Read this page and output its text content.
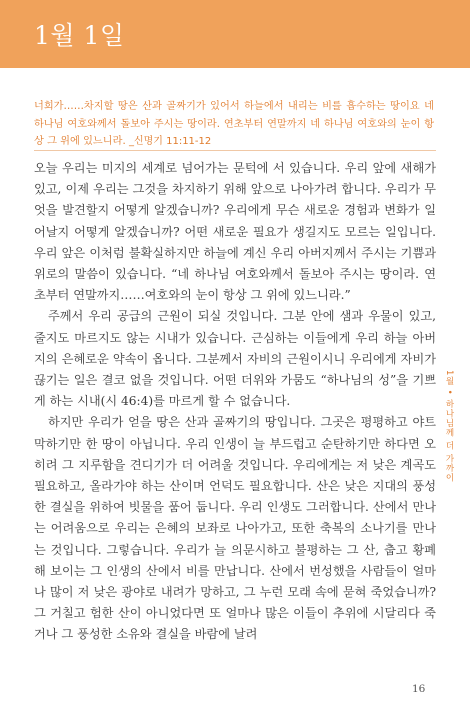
1월 1일
너희가……차지할 땅은 산과 골짜기가 있어서 하늘에서 내리는 비를 흡수하는 땅이요 네 하나님 여호와께서 돌보아 주시는 땅이라. 연초부터 연말까지 네 하나님 여호와의 눈이 항상 그 위에 있느니라. _신명기 11:11-12

오늘 우리는 미지의 세계로 넘어가는 문턱에 서 있습니다. 우리 앞에 새해가 있고, 이제 우리는 그것을 차지하기 위해 앞으로 나아가려 합니다. 우리가 무엇을 발견할지 어떻게 알겠습니까? 우리에게 무슨 새로운 경험과 변화가 일어날지 어떻게 알겠습니까? 어떤 새로운 필요가 생길지도 모르는 일입니다. 우리 앞은 이처럼 불확실하지만 하늘에 계신 우리 아버지께서 주시는 기쁨과 위로의 말씀이 있습니다. “네 하나님 여호와께서 돌보아 주시는 땅이라. 연초부터 연말까지……여호와의 눈이 항상 그 위에 있느니라.”

주께서 우리 공급의 근원이 되실 것입니다. 그분 안에 샘과 우물이 있고, 줄지도 마르지도 않는 시내가 있습니다. 근심하는 이들에게 우리 하늘 아버지의 은혜로운 약속이 옵니다. 그분께서 자비의 근원이시니 우리에게 자비가 끊기는 일은 결코 없을 것입니다. 어떤 더위와 가뭄도 “하나님의 성”을 기쁘게 하는 시내(시 46:4)를 마르게 할 수 없습니다.

하지만 우리가 얻을 땅은 산과 골짜기의 땅입니다. 그곳은 평평하고 야트막하기만 한 땅이 아닙니다. 우리 인생이 늘 부드럽고 순탄하기만 하다면 오히려 그 지루함을 견디기가 더 어려울 것입니다. 우리에게는 저 낮은 계곡도 필요하고, 올라가야 하는 산이며 언덕도 필요합니다. 산은 낮은 지대의 풍성한 결실을 위하여 빗물을 품어 둡니다. 우리 인생도 그러합니다. 산에서 만나는 어려움으로 우리는 은혜의 보좌로 나아가고, 또한 축복의 소나기를 만나는 것입니다. 그렇습니다. 우리가 늘 의문시하고 불평하는 그 산, 춥고 황폐해 보이는 그 인생의 산에서 비를 만납니다. 산에서 번성했을 사람들이 얼마나 많이 저 낮은 광야로 내려가 망하고, 그 누런 모래 속에 묻혀 죽었습니까? 그 거칠고 험한 산이 아니었다면 또 얼마나 많은 이들이 추위에 시달리다 죽거나 그 풍성한 소유와 결실을 바람에 날려

1월 • 하나님께 더 가까이
16
